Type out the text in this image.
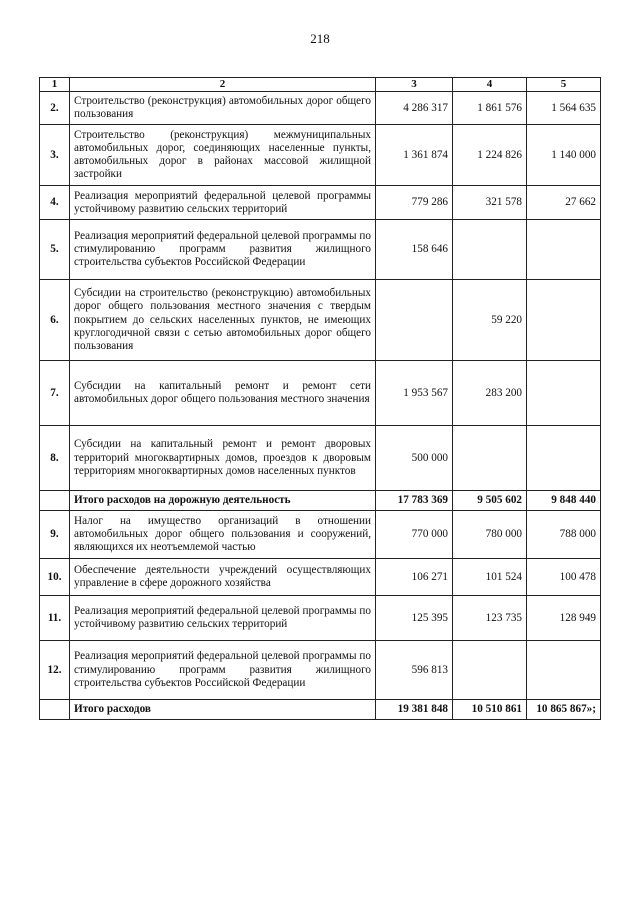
218
1	2	3	4	5
2.	Строительство (реконструкция) автомобильных дорог общего пользования	4 286 317	1 861 576	1 564 635
3.	Строительство (реконструкция) межмуниципальных автомобильных дорог, соединяющих населенные пункты, автомобильных дорог в районах массовой жилищной застройки	1 361 874	1 224 826	1 140 000
4.	Реализация мероприятий федеральной целевой программы устойчивому развитию сельских территорий	779 286	321 578	27 662
5.	Реализация мероприятий федеральной целевой программы по стимулированию программ развития жилищного строительства субъектов Российской Федерации	158 646		
6.	Субсидии на строительство (реконструкцию) автомобильных дорог общего пользования местного значения с твердым покрытием до сельских населенных пунктов, не имеющих круглогодичной связи с сетью автомобильных дорог общего пользования		59 220	
7.	Субсидии на капитальный ремонт и ремонт сети автомобильных дорог общего пользования местного значения	1 953 567	283 200	
8.	Субсидии на капитальный ремонт и ремонт дворовых территорий многоквартирных домов, проездов к дворовым территориям многоквартирных домов населенных пунктов	500 000		
	Итого расходов на дорожную деятельность	17 783 369	9 505 602	9 848 440
9.	Налог на имущество организаций в отношении автомобильных дорог общего пользования и сооружений, являющихся их неотъемлемой частью	770 000	780 000	788 000
10.	Обеспечение деятельности учреждений осуществляющих управление в сфере дорожного хозяйства	106 271	101 524	100 478
11.	Реализация мероприятий федеральной целевой программы по устойчивому развитию сельских территорий	125 395	123 735	128 949
12.	Реализация мероприятий федеральной целевой программы по стимулированию программ развития жилищного строительства субъектов Российской Федерации	596 813		
	Итого расходов	19 381 848	10 510 861	10 865 867»;
